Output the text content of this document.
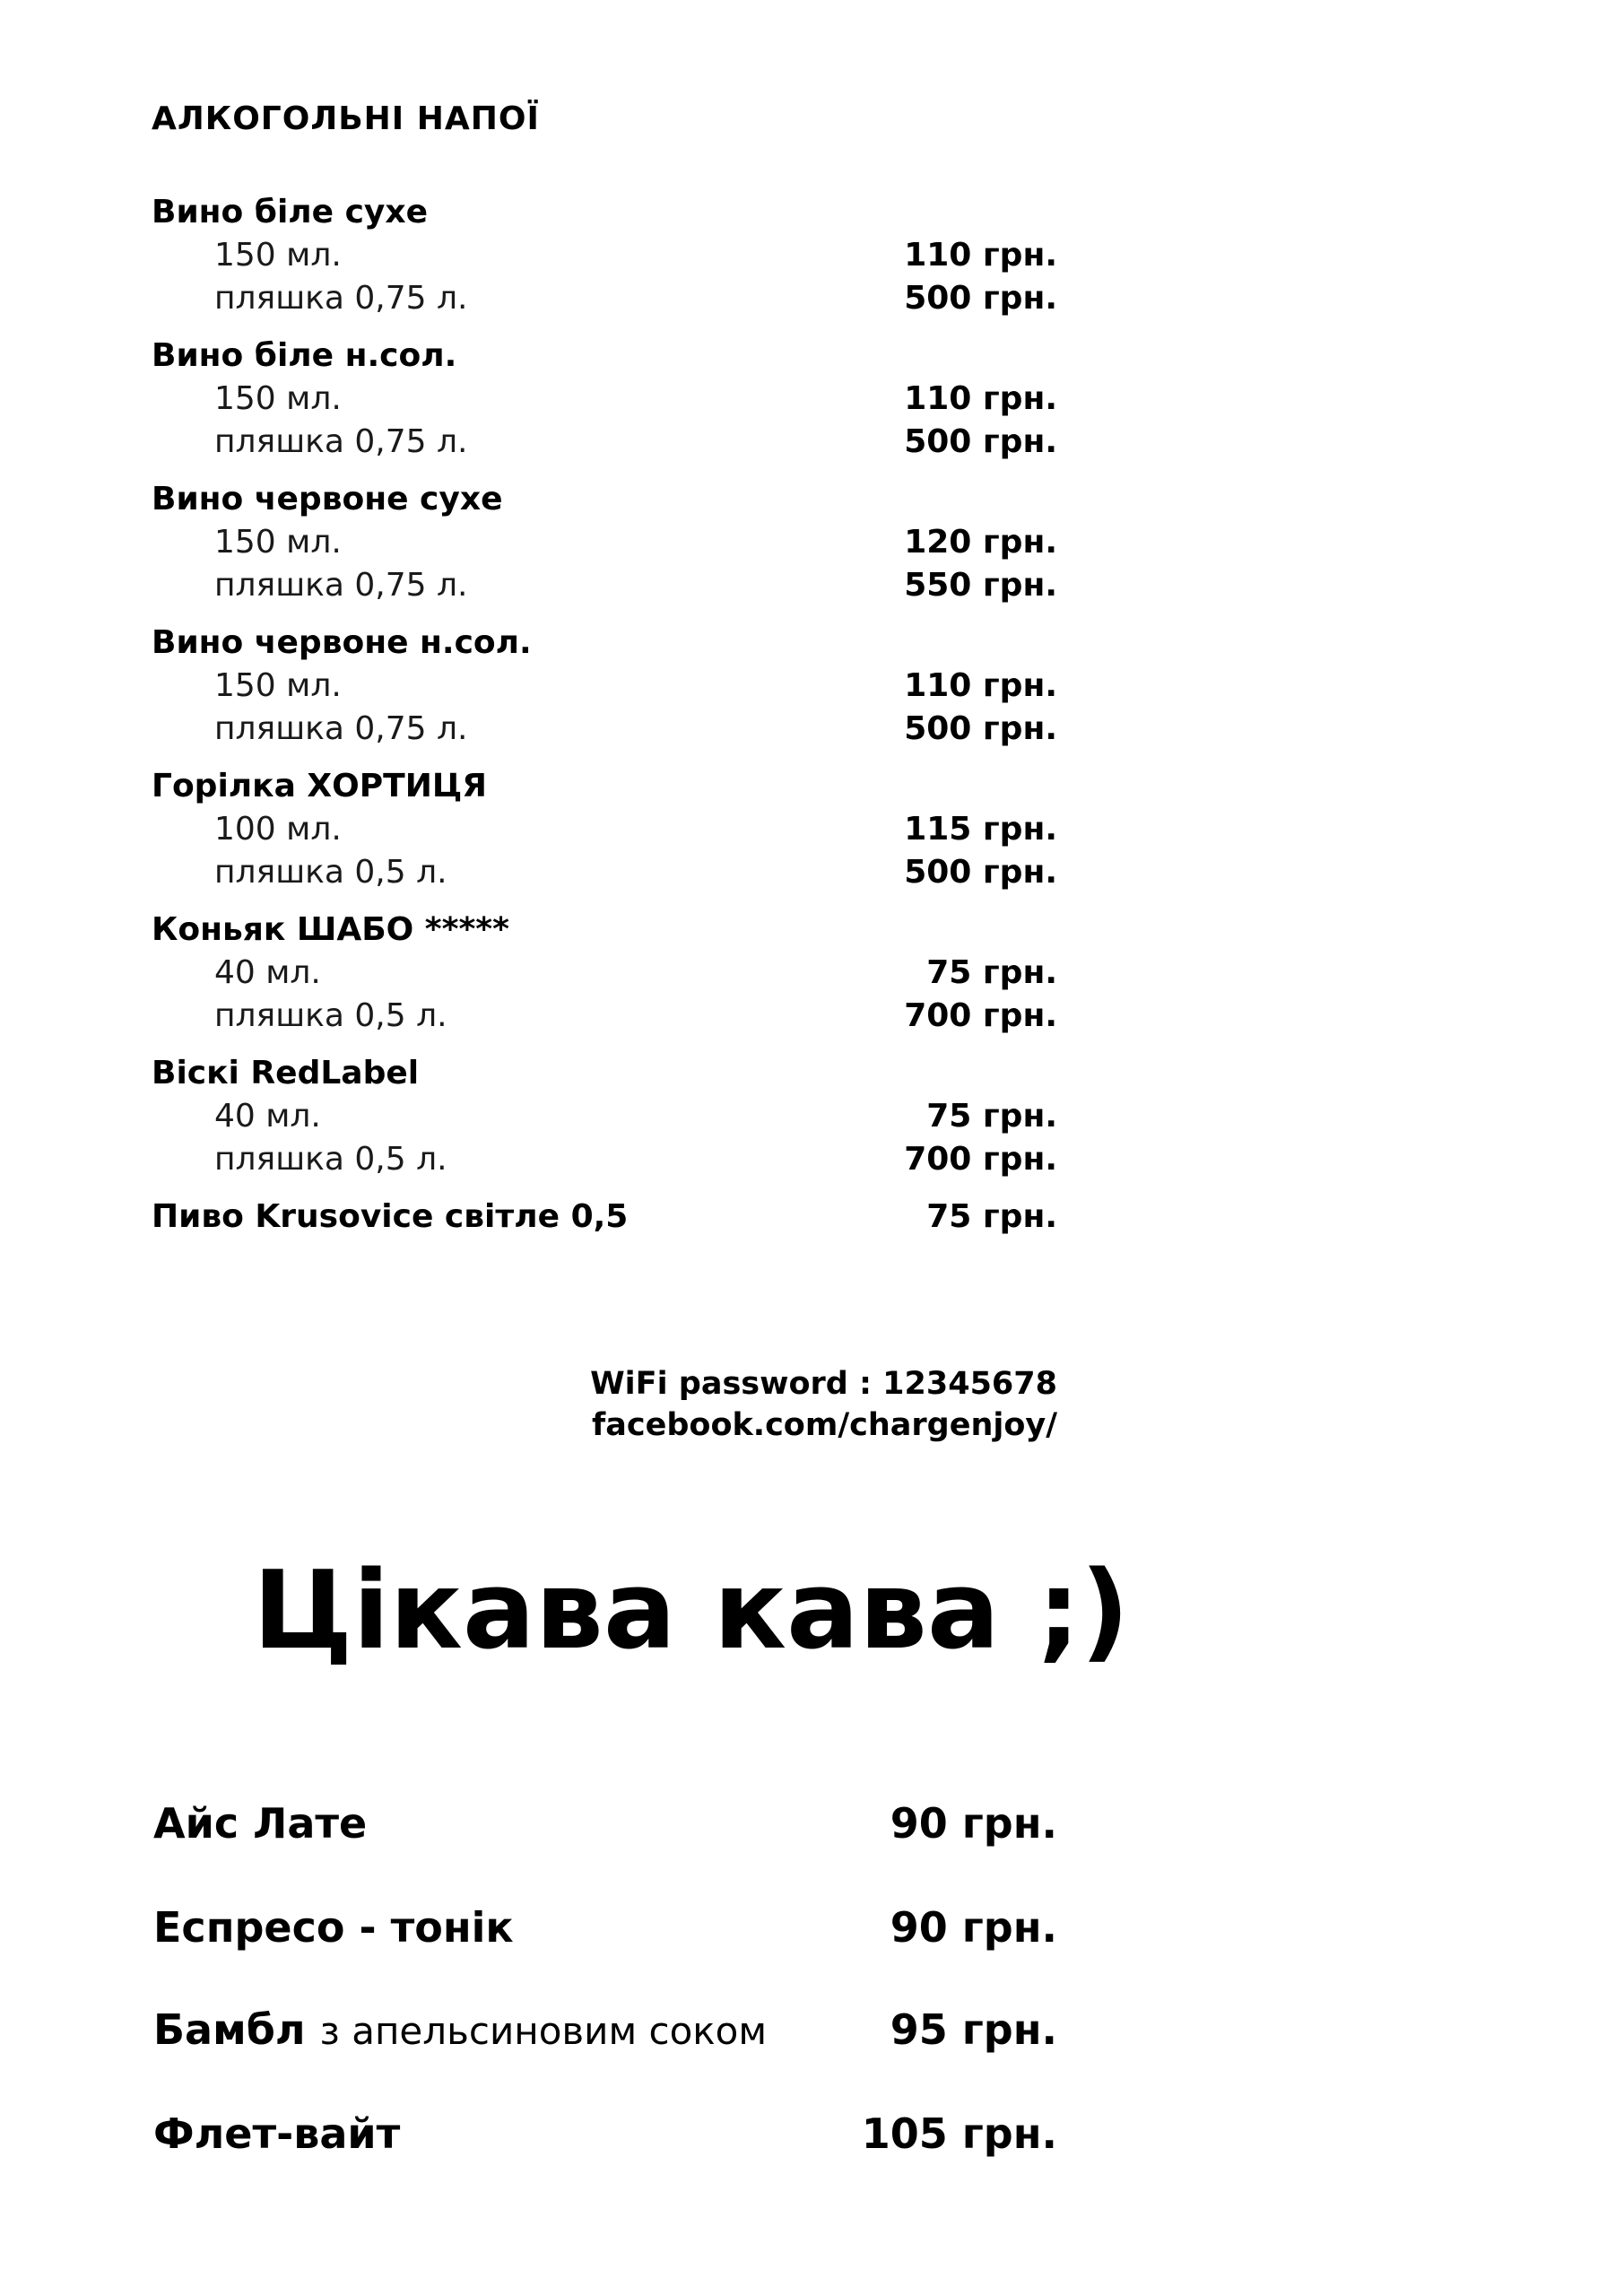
АЛКОГОЛЬНІ НАПОЇ
Вино біле сухе
150 мл.	110 грн.
пляшка 0,75 л.	500 грн.
Вино біле н.сол.
150 мл.	110 грн.
пляшка 0,75 л.	500 грн.
Вино червоне сухе
150 мл.	120 грн.
пляшка 0,75 л.	550 грн.
Вино червоне н.сол.
150 мл.	110 грн.
пляшка 0,75 л.	500 грн.
Горілка ХОРТИЦЯ
100 мл.	115 грн.
пляшка 0,5 л.	500 грн.
Коньяк ШАБО *****
40 мл.	75 грн.
пляшка 0,5 л.	700 грн.
Віскі RedLabel
40 мл.	75 грн.
пляшка 0,5 л.	700 грн.
Пиво Krusovice світле 0,5	75 грн.
WiFi password : 12345678
facebook.com/chargenjoy/
Цікава кава ;)
Айс Лате	90 грн.
Еспресо - тонік	90 грн.
Бамбл з апельсиновим соком	95 грн.
Флет-вайт	105 грн.
